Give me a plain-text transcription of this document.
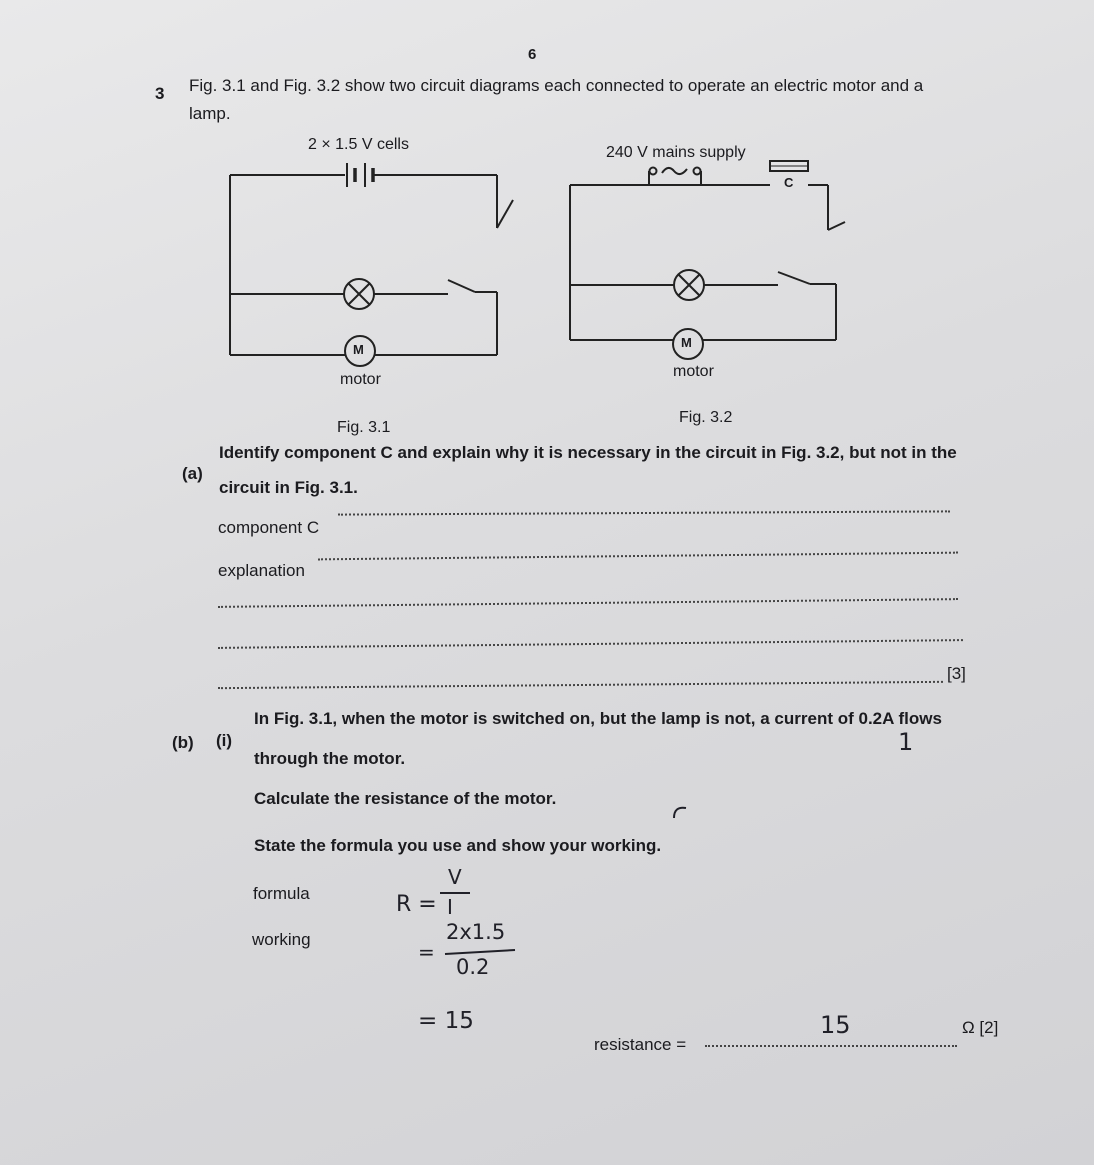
6
3 Fig. 3.1 and Fig. 3.2 show two circuit diagrams each connected to operate an electric motor and a
lamp.
2 × 1.5 V cells
M
motor
Fig. 3.1
240 V mains supply
C
M
motor
Fig. 3.2
(a)
Identify component C and explain why it is necessary in the circuit in Fig. 3.2, but not in the
circuit in Fig. 3.1.
component C
explanation
[3]
(b) (i)
In Fig. 3.1, when the motor is switched on, but the lamp is not, a current of 0.2A flows
through the motor.
Calculate the resistance of the motor.
State the formula you use and show your working.
formula
working
resistance =
Ω [2]
1
R =
V
I
=
2x1.5
0.2
= 15	15
